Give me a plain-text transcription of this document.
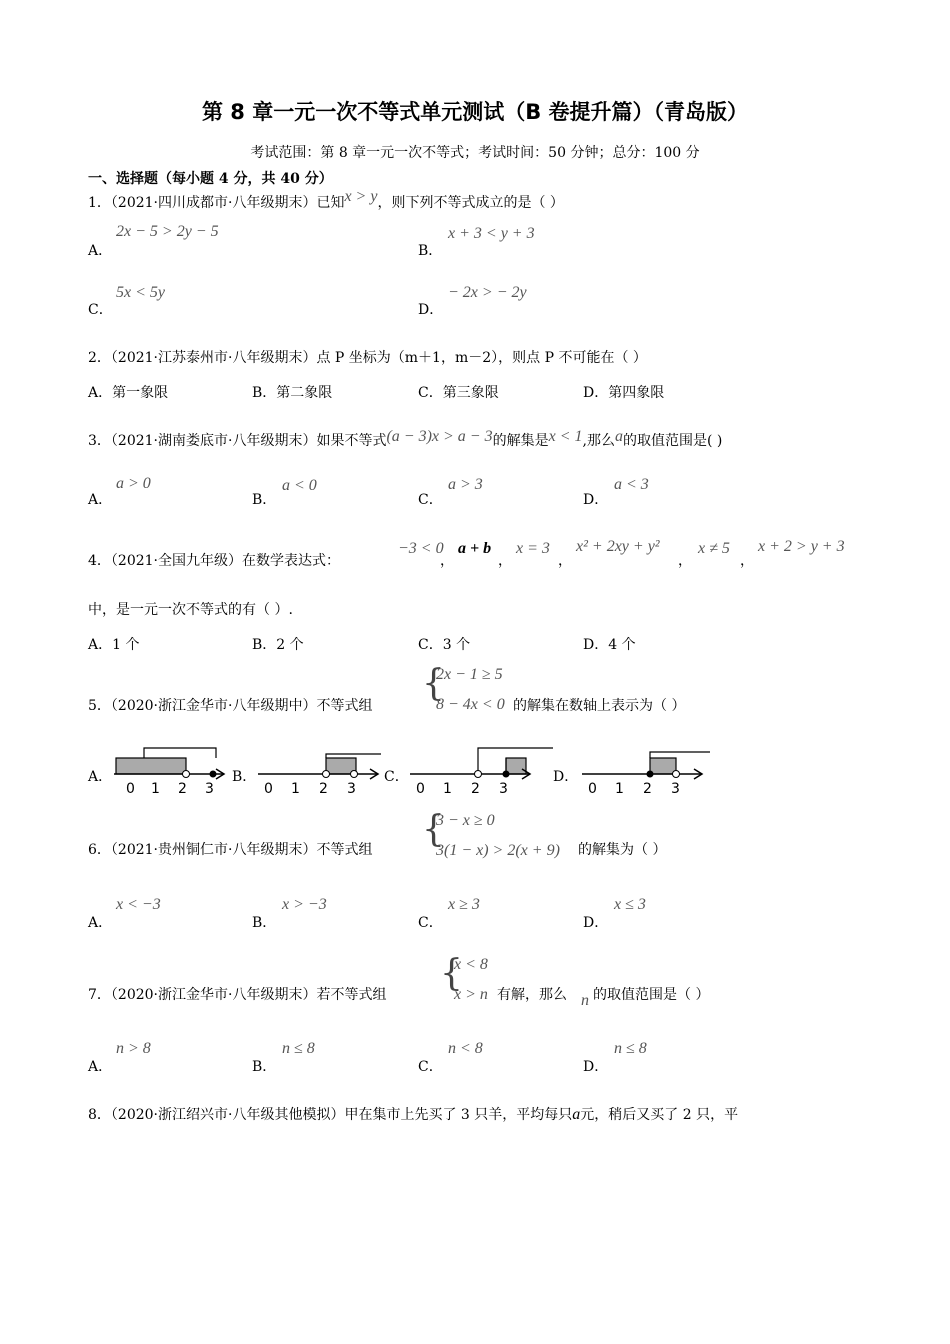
第 8 章一元一次不等式单元测试（B 卷提升篇）（青岛版）
考试范围：第 8 章一元一次不等式；考试时间：50 分钟；总分：100 分
一、选择题（每小题 4 分，共 40 分）
1．（2021·四川成都市·八年级期末）已知x > y，则下列不等式成立的是（ ）
A．
2x − 5 > 2y − 5
B．
x + 3 < y + 3
C．
5x < 5y
D．
− 2x > − 2y
2．（2021·江苏泰州市·八年级期末）点 P 坐标为（m＋1，m－2），则点 P 不可能在（ ）
A．第一象限	B．第二象限	C．第三象限	D．第四象限
3．（2021·湖南娄底市·八年级期末）如果不等式(a − 3)x > a − 3的解集是x < 1,那么a的取值范围是( )
A．
a > 0
B．
a < 0
C．
a > 3
D．
a < 3
4．（2021·全国九年级）在数学表达式：
−3 < 0
，
a + b
，
x = 3
，
x² + 2xy + y²
，
x ≠ 5
，
x + 2 > y + 3
中，是一元一次不等式的有（ ）.
A．1 个	B．2 个	C．3 个	D．4 个
5．（2020·浙江金华市·八年级期中）不等式组
{
2x − 1 ≥ 5
8 − 4x < 0 的解集在数轴上表示为（ ）
A．	B．	C．	D．
0 1 2 3	0 1 2 3	0 1 2 3	0 1 2 3
6．（2021·贵州铜仁市·八年级期末）不等式组 {
3 − x ≥ 0
3(1 − x) > 2(x + 9) 的解集为（ ）
A．
x < −3
B．
x > −3
C．
x ≥ 3
D．
x ≤ 3
7．（2020·浙江金华市·八年级期末）若不等式组
{
x < 8
x > n 有解，那么 n 的取值范围是（ ）
A．
n > 8
B．
n ≤ 8
C．
n < 8
D．
n ≤ 8
8．（2020·浙江绍兴市·八年级其他模拟）甲在集市上先买了 3 只羊，平均每只a元，稍后又买了 2 只，平
